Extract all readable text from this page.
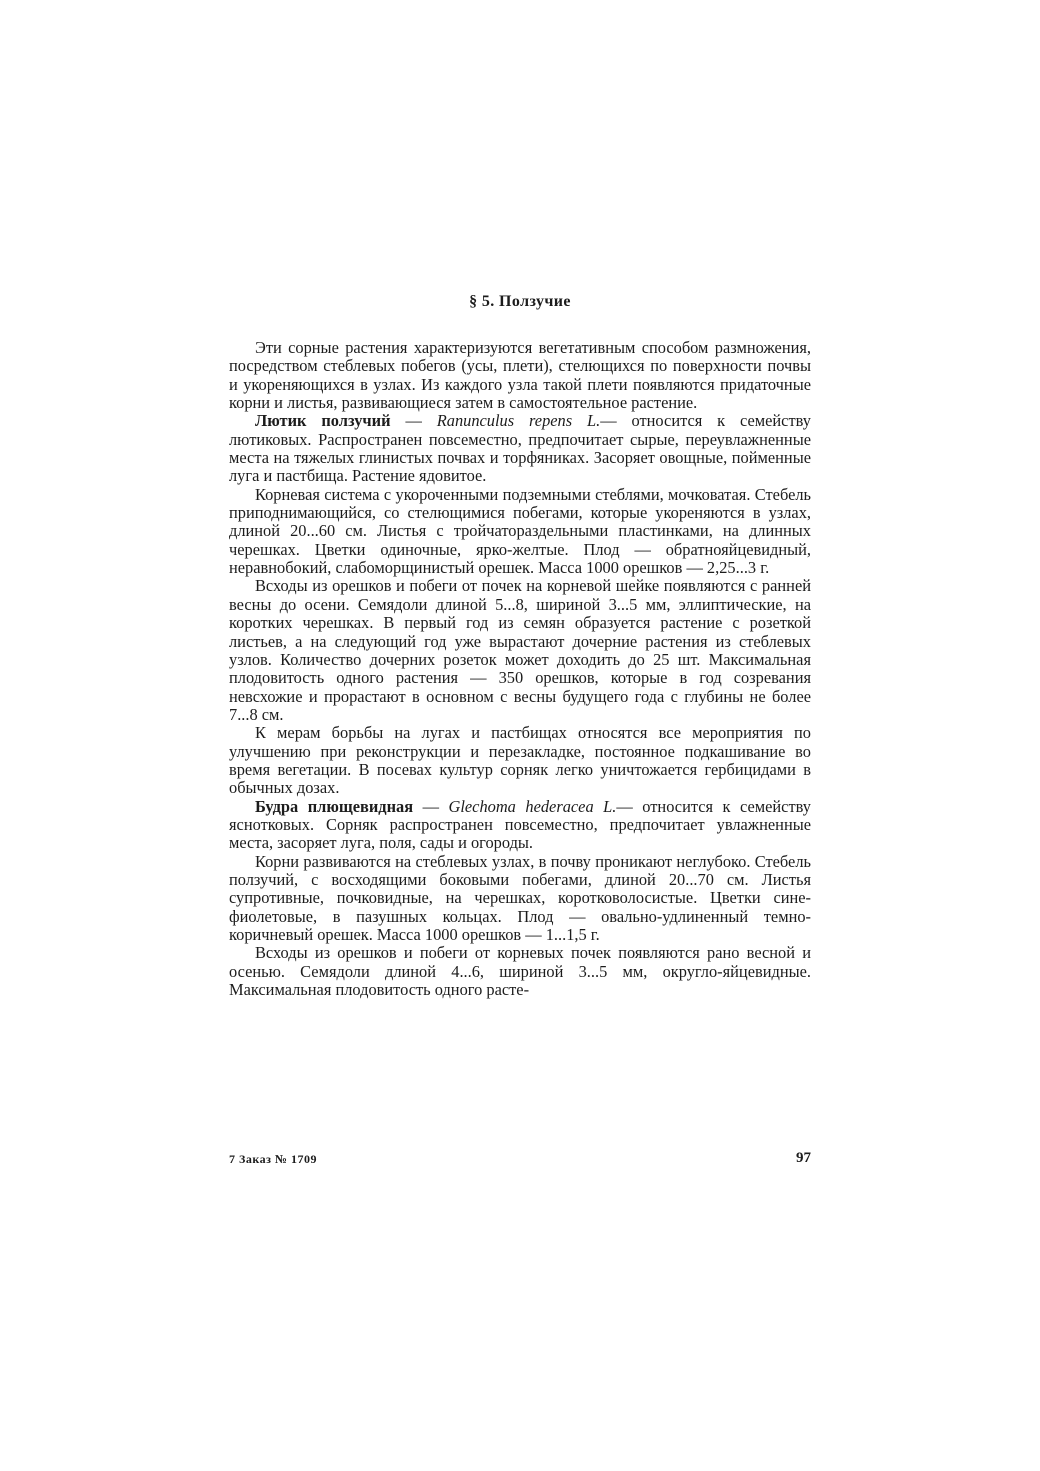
§ 5. Ползучие

Эти сорные растения характеризуются вегетативным способом размножения, посредством стеблевых побегов (усы, плети), стелющихся по поверхности почвы и укореняющихся в узлах. Из каждого узла такой плети появляются придаточные корни и листья, развивающиеся затем в самостоятельное растение.

Лютик ползучий — Ranunculus repens L.— относится к семейству лютиковых. Распространен повсеместно, предпочитает сырые, переувлажненные места на тяжелых глинистых почвах и торфяниках. Засоряет овощные, пойменные луга и пастбища. Растение ядовитое.

Корневая система с укороченными подземными стеблями, мочковатая. Стебель приподнимающийся, со стелющимися побегами, которые укореняются в узлах, длиной 20...60 см. Листья с тройчатораздельными пластинками, на длинных черешках. Цветки одиночные, ярко-желтые. Плод — обратнояйцевидный, неравнобокий, слабоморщинистый орешек. Масса 1000 орешков — 2,25...3 г.

Всходы из орешков и побеги от почек на корневой шейке появляются с ранней весны до осени. Семядоли длиной 5...8, шириной 3...5 мм, эллиптические, на коротких черешках. В первый год из семян образуется растение с розеткой листьев, а на следующий год уже вырастают дочерние растения из стеблевых узлов. Количество дочерних розеток может доходить до 25 шт. Максимальная плодовитость одного растения — 350 орешков, которые в год созревания невсхожие и прорастают в основном с весны будущего года с глубины не более 7...8 см.

К мерам борьбы на лугах и пастбищах относятся все мероприятия по улучшению при реконструкции и перезакладке, постоянное подкашивание во время вегетации. В посевах культур сорняк легко уничтожается гербицидами в обычных дозах.

Будра плющевидная — Glechoma hederacea L.— относится к семейству яснотковых. Сорняк распространен повсеместно, предпочитает увлажненные места, засоряет луга, поля, сады и огороды.

Корни развиваются на стеблевых узлах, в почву проникают неглубоко. Стебель ползучий, с восходящими боковыми побегами, длиной 20...70 см. Листья супротивные, почковидные, на черешках, коротковолосистые. Цветки сине-фиолетовые, в пазушных кольцах. Плод — овально-удлиненный темно-коричневый орешек. Масса 1000 орешков — 1...1,5 г.

Всходы из орешков и побеги от корневых почек появляются рано весной и осенью. Семядоли длиной 4...6, шириной 3...5 мм, округло-яйцевидные. Максимальная плодовитость одного расте-

7 Заказ № 1709	97
